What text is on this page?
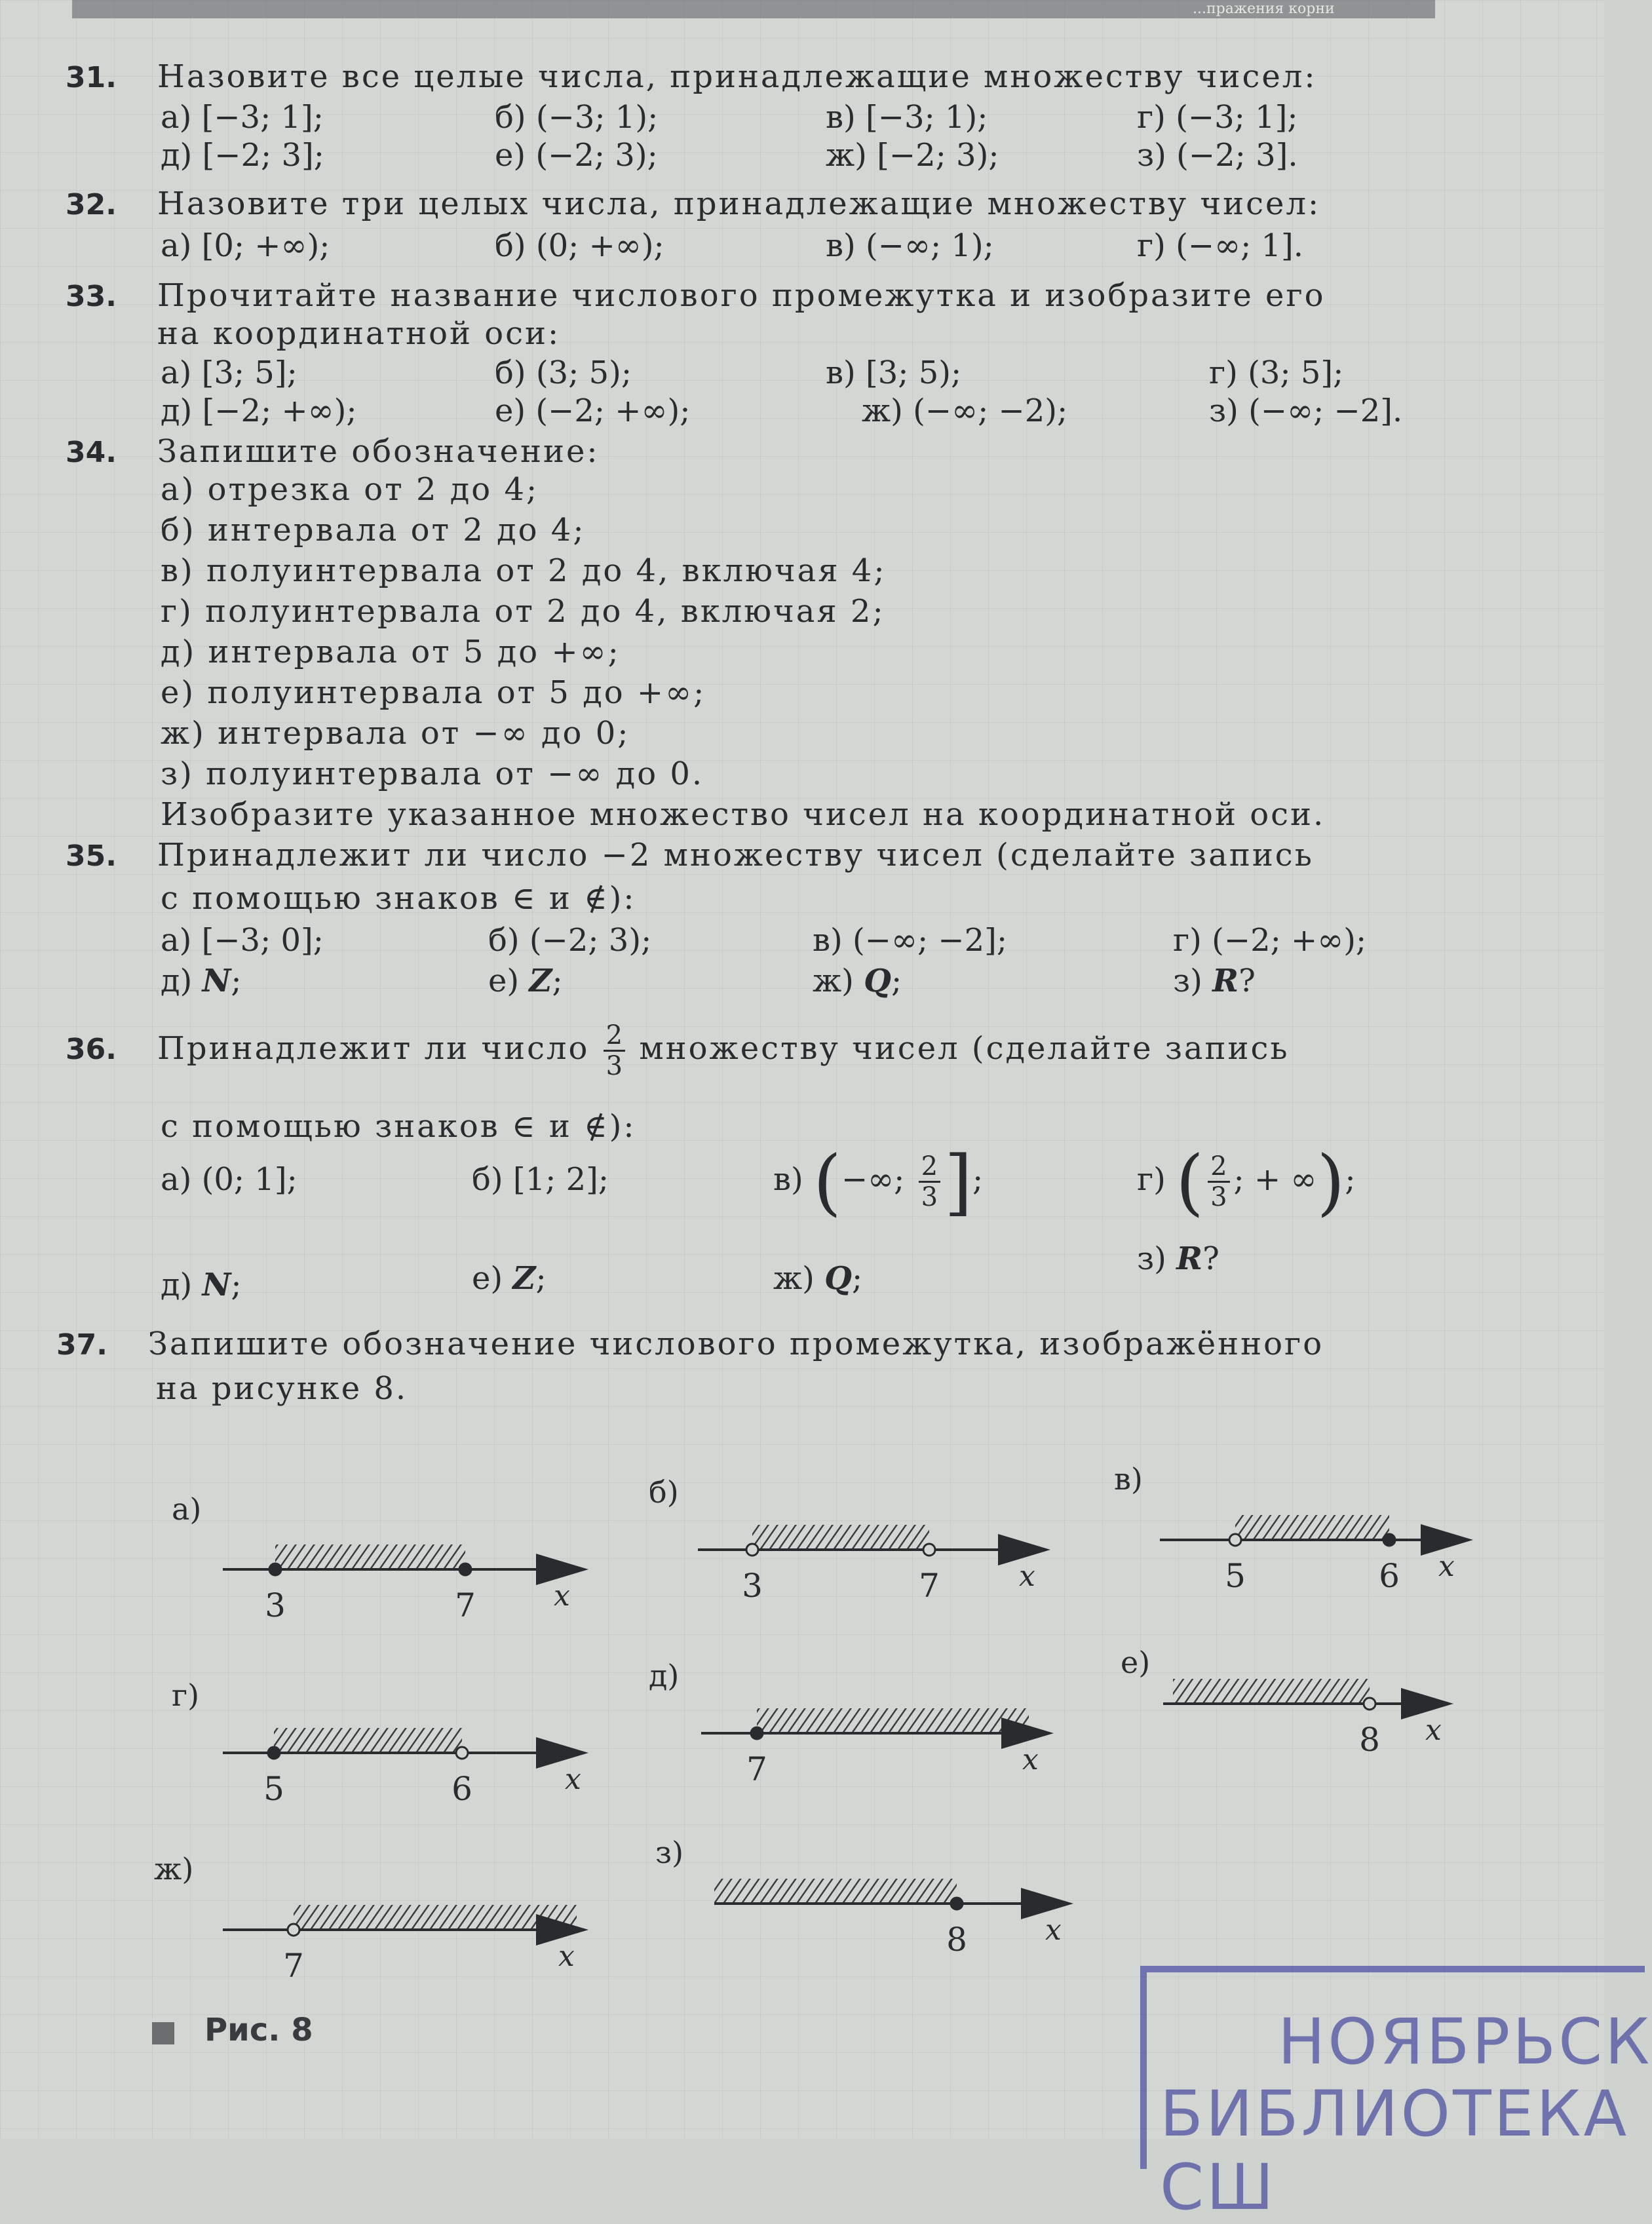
...пражения корни
31. Назовите все целые числа, принадлежащие множеству чисел:
а) [−3; 1];	б) (−3; 1);	в) [−3; 1);	г) (−3; 1];
д) [−2; 3];	е) (−2; 3);	ж) [−2; 3);	з) (−2; 3].
32. Назовите три целых числа, принадлежащие множеству чисел:
а) [0; +∞);	б) (0; +∞);	в) (−∞; 1);	г) (−∞; 1].
33. Прочитайте название числового промежутка и изобразите его
на координатной оси:
а) [3; 5];	б) (3; 5);	в) [3; 5);	г) (3; 5];
д) [−2; +∞);	е) (−2; +∞);	ж) (−∞; −2);	з) (−∞; −2].
34. Запишите обозначение:
а) отрезка от 2 до 4;
б) интервала от 2 до 4;
в) полуинтервала от 2 до 4, включая 4;
г) полуинтервала от 2 до 4, включая 2;
д) интервала от 5 до +∞;
е) полуинтервала от 5 до +∞;
ж) интервала от −∞ до 0;
з) полуинтервала от −∞ до 0.
Изобразите указанное множество чисел на координатной оси.
35. Принадлежит ли число −2 множеству чисел (сделайте запись
с помощью знаков ∈ и ∉):
а) [−3; 0];	б) (−2; 3);	в) (−∞; −2];	г) (−2; +∞);
д) N;	е) Z;	ж) Q;	з) R?
36. Принадлежит ли число $\frac{2}{3}$ множеству чисел (сделайте запись
с помощью знаков ∈ и ∉):
а) (0; 1];	б) [1; 2];	в) (−∞; $\frac{2}{3}$ ];	г) ( $\frac{2}{3}$ ; + ∞);
д) N;	е) Z;	ж) Q;
з) R?
37. Запишите обозначение числового промежутка, изображённого
на рисунке 8.
а)	б)	в)
г)
д)	е)
ж)	з)
x
3	7
x
3	7
x
5	6
x
5	6
x
7
x
8
x
7
x
8
Рис. 8	НОЯБРЬСК
БИБЛИОТЕКА СШ
